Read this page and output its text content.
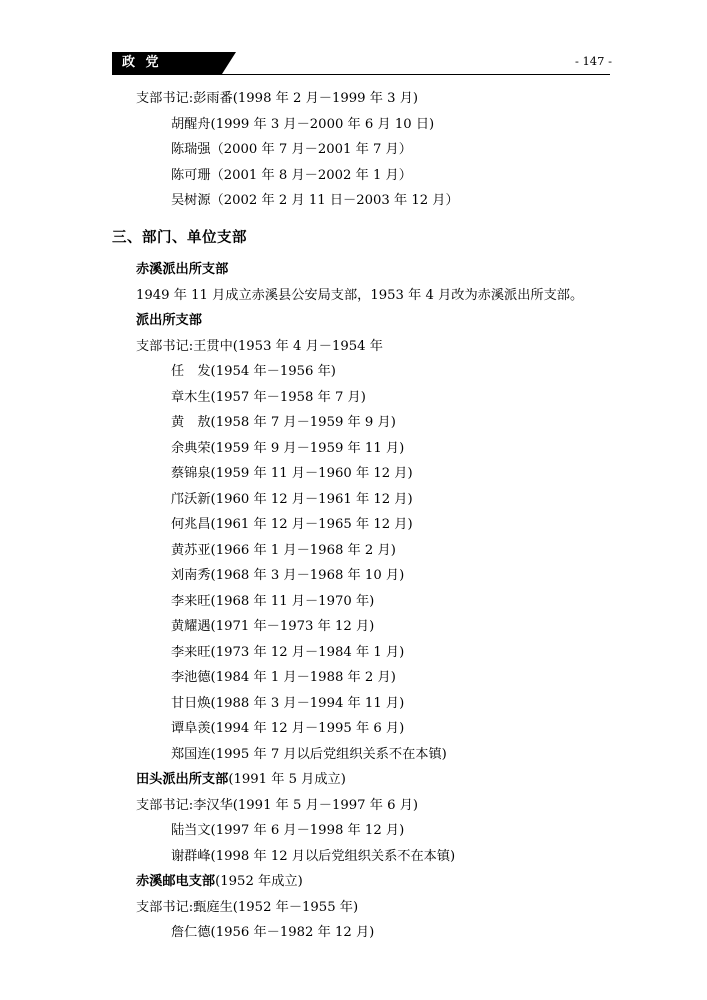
政 党	- 147 -
支部书记:彭雨番(1998 年 2 月－1999 年 3 月)
胡醒舟(1999 年 3 月－2000 年 6 月 10 日)
陈瑞强（2000 年 7 月－2001 年 7 月）
陈可珊（2001 年 8 月－2002 年 1 月）
吴树源（2002 年 2 月 11 日－2003 年 12 月）
三、部门、单位支部
赤溪派出所支部
1949 年 11 月成立赤溪县公安局支部，1953 年 4 月改为赤溪派出所支部。
派出所支部
支部书记:王贯中(1953 年 4 月－1954 年
任　发(1954 年－1956 年)
章木生(1957 年－1958 年 7 月)
黄　敖(1958 年 7 月－1959 年 9 月)
余典荣(1959 年 9 月－1959 年 11 月)
蔡锦泉(1959 年 11 月－1960 年 12 月)
邝沃新(1960 年 12 月－1961 年 12 月)
何兆昌(1961 年 12 月－1965 年 12 月)
黄苏亚(1966 年 1 月－1968 年 2 月)
刘南秀(1968 年 3 月－1968 年 10 月)
李来旺(1968 年 11 月－1970 年)
黄耀遇(1971 年－1973 年 12 月)
李来旺(1973 年 12 月－1984 年 1 月)
李池德(1984 年 1 月－1988 年 2 月)
甘日焕(1988 年 3 月－1994 年 11 月)
谭阜羡(1994 年 12 月－1995 年 6 月)
郑国连(1995 年 7 月以后党组织关系不在本镇)
田头派出所支部(1991 年 5 月成立)
支部书记:李汉华(1991 年 5 月－1997 年 6 月)
陆当文(1997 年 6 月－1998 年 12 月)
谢群峰(1998 年 12 月以后党组织关系不在本镇)
赤溪邮电支部(1952 年成立)
支部书记:甄庭生(1952 年－1955 年)
詹仁德(1956 年－1982 年 12 月)
